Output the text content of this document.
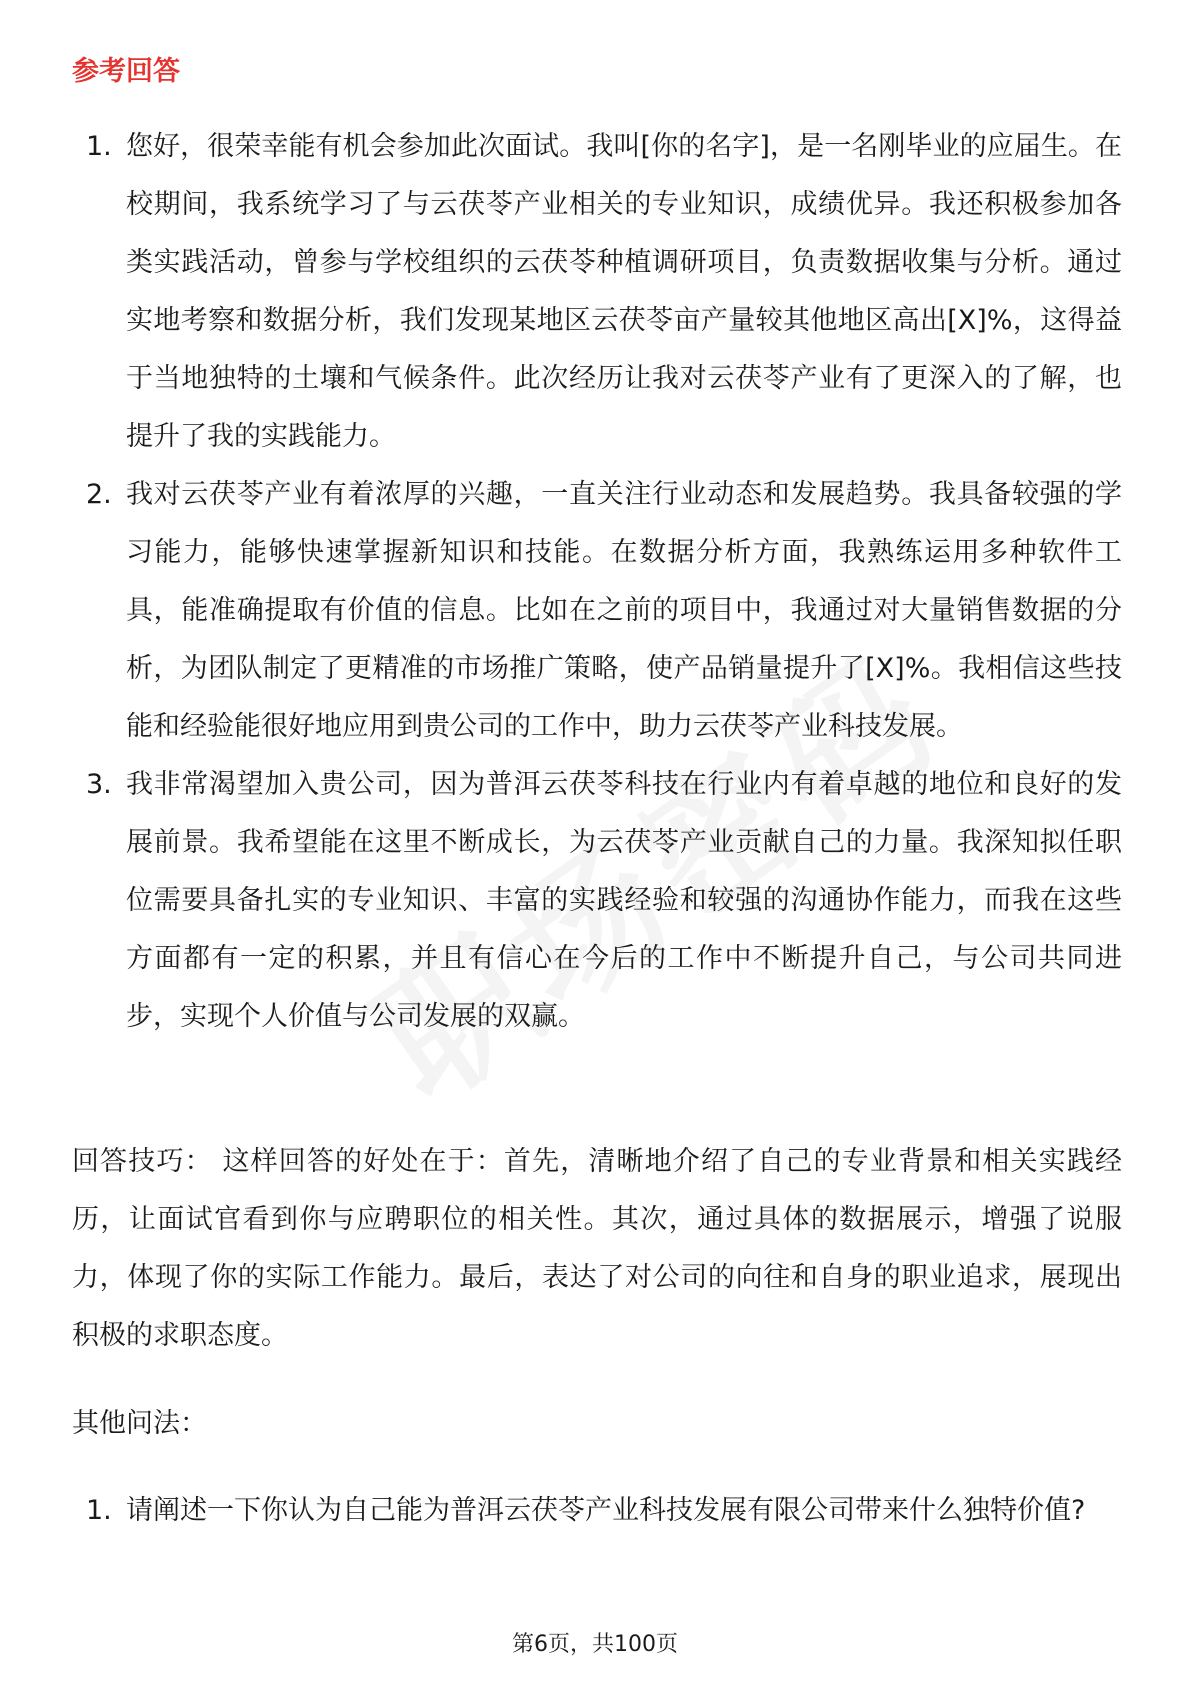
参考回答
1. 您好，很荣幸能有机会参加此次面试。我叫[你的名字]，是一名刚毕业的应届生。在校期间，我系统学习了与云茯苓产业相关的专业知识，成绩优异。我还积极参加各类实践活动，曾参与学校组织的云茯苓种植调研项目，负责数据收集与分析。通过实地考察和数据分析，我们发现某地区云茯苓亩产量较其他地区高出[X]%，这得益于当地独特的土壤和气候条件。此次经历让我对云茯苓产业有了更深入的了解，也提升了我的实践能力。
2. 我对云茯苓产业有着浓厚的兴趣，一直关注行业动态和发展趋势。我具备较强的学习能力，能够快速掌握新知识和技能。在数据分析方面，我熟练运用多种软件工具，能准确提取有价值的信息。比如在之前的项目中，我通过对大量销售数据的分析，为团队制定了更精准的市场推广策略，使产品销量提升了[X]%。我相信这些技能和经验能很好地应用到贵公司的工作中，助力云茯苓产业科技发展。
3. 我非常渴望加入贵公司，因为普洱云茯苓科技在行业内有着卓越的地位和良好的发展前景。我希望能在这里不断成长，为云茯苓产业贡献自己的力量。我深知拟任职位需要具备扎实的专业知识、丰富的实践经验和较强的沟通协作能力，而我在这些方面都有一定的积累，并且有信心在今后的工作中不断提升自己，与公司共同进步，实现个人价值与公司发展的双赢。

回答技巧： 这样回答的好处在于：首先，清晰地介绍了自己的专业背景和相关实践经历，让面试官看到你与应聘职位的相关性。其次，通过具体的数据展示，增强了说服力，体现了你的实际工作能力。最后，表达了对公司的向往和自身的职业追求，展现出积极的求职态度。

其他问法：

1. 请阐述一下你认为自己能为普洱云茯苓产业科技发展有限公司带来什么独特价值?
第6页，共100页
